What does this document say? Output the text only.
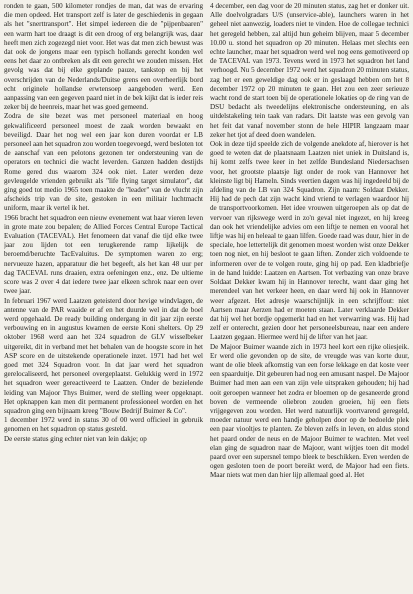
ronden te gaan, 500 kilometer rondjes de man, dat was de ervaring die men opdeed. Het transport zelf is later de geschiedenis in gegaan als het "snerttransport". Het simpel iedereen die de "pijpenbaaren" een warm hart toe draagt is dit een droog of erg belangrijk was, daar heeft men zich zogezegd niet voor. Het was dat men zich bewust was dat ook de jongens maar een typisch hollands gerecht konden wel eens het daar zo ontbreken als dit een gerecht we zouden missen. Het gevolg was dat bij elke geplande pauze, tankstop en bij het overschrijden van de Nederlands/Duitse grens een overheerlijk bord echt originele hollandse erwtensoep aangeboden werd. Een aanpassing van een gegeven paard niet in de bek kijkt dat is ieder reis zeker bij de heenreis, maar het was goed gemeend.

Zodra de site bezet was met personeel materiaal en hoog gekwalificeerd personeel moest de zaak worden bewaakt en beveiligd. Daar het nog wel een jaar kon duren voordat er LB personeel aan het squadron zou worden toegevoegd, werd besloten tot de aanschaf van een pelotons gezonen ter ondersteuning van de operators en technici die wacht leverden. Ganzen hadden destijds Rome gered dus waarom 324 ook niet. Later werden deze gevleugelde vrienden gebruikt als "life flying target simulator", dat ging goed tot medio 1965 toen maakte de "leader" van de vlucht zijn afscheids trip van de site, gestoken in een militair luchtmacht uniform, maar ik vertel ik het.

1966 bracht het squadron een nieuw evenement wat haar vieren leven in grote mate zou bepalen; de Allied Forces Central Europe Tactical Evaluation (TACEVAL). Het fenomeen dat vanaf die tijd elke twee jaar zou lijden tot een terugkerende ramp lijkelijk de beroemd/beruchte TacEvaluitus. De symptomen waren zo erg; nervueuze hazen, apparatuur die het begeeft, als het kan 48 uur per dag TACEVAL runs draaien, extra oefeningen enz., enz. De ultieme score was 2 over 4 dat iedere twee jaar elkeen schrok naar een over twee jaar.

In februari 1967 werd Laatzen geteisterd door hevige windvlagen, de antenne van de PAR waaide er af en het duurde wel in dat de boel werd opgehaald. De ready building ondergang in dit jaar zijn eerste verbouwing en in augustus kwamen de eerste Koni shelters. Op 29 oktober 1968 werd aan het 324 squadron de GLV wisselbeker uitgereikt, dit in verband met het behalen van de hoogste score in het ASP score en de uitstekende operationele inzet. 1971 had het wel goed met 324 Squadron voor. In dat jaar werd het squadron gerelocaliseerd, het personeel overgeplaatst. Gelukkig werd in 1972 het squadron weer gereactiveerd te Laatzen. Onder de bezielende leiding van Majoor Thys Buimer, werd de stelling weer opgeknapt. Het opknappen kan men dit permanent professioneel worden en het squadron ging een bijnaam kreeg "Bouw Bedrijf Buimer & Co".

1 december 1972 werd in status 30 of 00 werd officieel in gebruik genomen en het squadron op status gesteld.

De eerste status ging echter niet van lein dakje; op

4 december, een dag voor de 20 minuten status, zag het er donker uit. Alle doelvolgradars U/S (unservice-able), launchers waren in het geheel niet aanwezig, loaders niet te vinden. Hoe de collegae technici het geregeld hebben, zal altijd hun geheim blijven, maar 5 december 10.00 u. stond het squadron op 20 minuten. Helaas met slechts een echte launcher, maar het squadron werd wel nog eens gemotiveerd op de TACEVAL van 1973. Tevens werd in 1973 het squadron het land verhoogd. Nu 5 december 1972 werd het squadron 20 minuten status, zag het er een geweldige dag ook er in geslaagd hebben om het 8 december 1972 op 20 minuten te gaan. Het zou een zeer serieuze wacht rond de start toen bij de operationele lokaties op de ring van de DSU bedacht als tweedelijns elektronische ondersteuning, en als uitdelstakeling tein taak van radars. Dit laatste was een gevolg van het feit dat vanaf november stonn de hele HIPIR langzaam maar zeker het tjot af deed doen wandelen.

Ook in deze tijd speelde zich de volgende anekdote af, hierover is het goed te weten dat de plaatsnaam Laatzen niet uniek in Duitsland is, hij komt zelfs twee keer in het zelfde Bundesland Niedersachsen voor, het grootste plaatsje ligt onder de rook van Hannover het kleinste ligt bij Hameln. Sinds veertien dagen was hij ingedeeld bij de afdeling van de LB van 324 Squadron. Zijn naam: Soldaat Dekker. Hij had de pech dat zijn wacht kind vriend te verlagen waardoor hij de transportvoorkomen. Het idee vrouwen uitgeroepen als op dat de vervoer van rijkswege werd in zo'n geval niet ingezet, en hij kreeg dan ook het vriendelijke advies om een liftje te nemen en vooral het liftje was hij en heleaal te gaan lilfen. Goede raad was duur, hier in de speciale, hoe lettertelijk dit genomen moest worden wist onze Dekker toen nog niet, en hij besloot te gaan liften. Zonder zich voldoende te informeren over de te volgen route, ging hij op pad. Een kladbriefje in de hand luidde: Laatzen en Aartsen. Tot verbazing van onze brave Soldaat Dekker kwam hij in Hannover terecht, want daar ging het merendeel van het verkeer heen, en daar werd hij ook in Hannover weer afgezet. Het adresje waarschijnlijk in een schrijffout: niet Aartsen maar Aerzen had er moeten staan. Later verklaarde Dekker dat hij wel het bordje opgemerkt had en het verwarring was. Hij had zelf er onterecht, gezien door het personeelsbureau, naar een andere Laatzen gegaan. Hiermee werd hij de lifter van het jaar.

De Majoor Buimer waande zich in 1973 heel kort een rijke oliesjeik. Er werd olie gevonden op de site, de vreugde was van korte duur, want de olie bleek afkomstig van een forse lekkage en dat koste veer een spaarduitje. Dit gebeuren had nog een amusant naspel. De Majoor Buimer had men aan een van zijn vele uitspraken gehouden; hij had ooit geroepen wanneer het zodra er bloemen op de gesaneerde grond boven de vermeende oliebron zouden groeien, hij een fiets vrijgegeven zou worden. Het werd natuurlijk voortvarend geregeld, moeder natuur werd een handje geholpen door op de bedoelde plek een paar viooltjes te planten. Ze bleven zelfs in leven, en aldus stond het paard onder de neus en de Majoor Buimer te wachten. Met veel elan ging de squadron naar de Majoor, want wijtjes toen dit model paard over een supersnel tempo bleek te beschikken. Even werden de ogen gesloten toen de poort bereikt werd, de Majoor had een fiets. Maar niets wat men dan hier lijp allemaal goed al. Het
